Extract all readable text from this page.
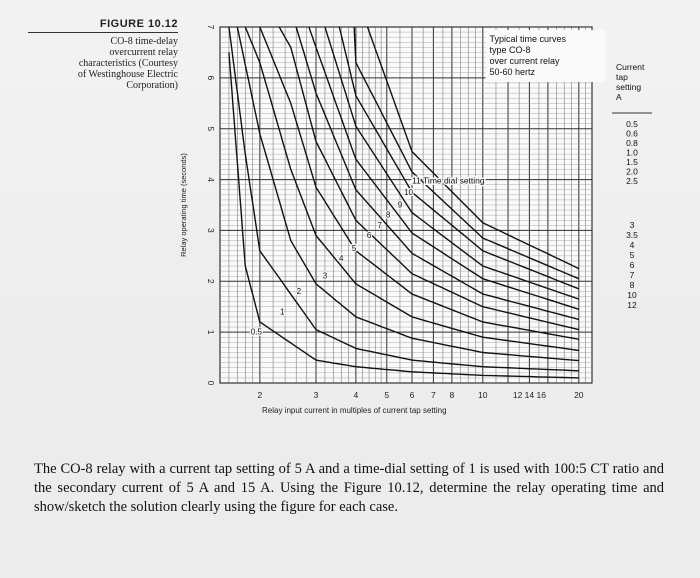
FIGURE 10.12
CO-8 time-delay
overcurrent relay
characteristics (Courtesy
of Westinghouse Electric
Corporation)
0
1
2
3
4
5
6
7
Relay operating time (seconds)
2	3	4	5 6 7 8	10	12 14 16	20
Relay input current in multiples of current tap setting
0.5
1
2
3
4
5
6
7
8
9
10
11 Time dial setting
Typical time curves
type CO-8
over current relay
50-60 hertz	Current
tap
setting
A
0.5
0.6
0.8
1.0
1.5
2.0
2.5
3
3.5
4
5
6
7
8
10
12
The CO-8 relay with a current tap setting of 5 A and a time-dial setting of 1 is used with 100:5 CT ratio and the secondary current of 5 A and 15 A. Using the Figure 10.12, determine the relay operating time and show/sketch the solution clearly using the figure for each case.
